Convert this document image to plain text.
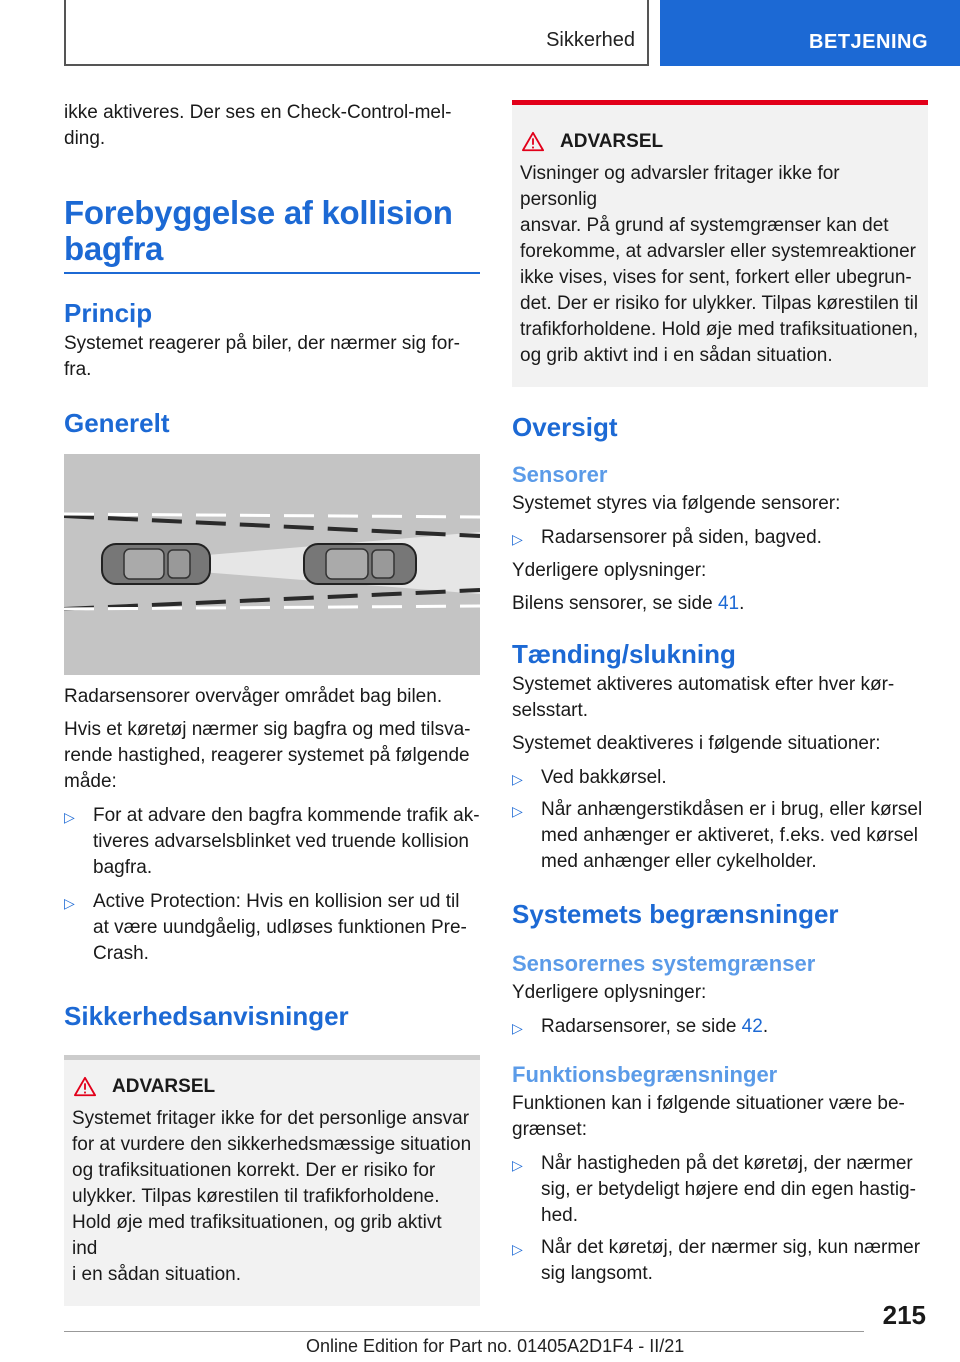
Sikkerhed	BETJENING

ikke aktiveres. Der ses en Check-Control-mel-
ding.

Forebyggelse af kollision
bagfra
Princip

Systemet reagerer på biler, der nærmer sig for-
fra.

Generelt

Radarsensorer overvåger området bag bilen.

Hvis et køretøj nærmer sig bagfra og med tilsva-
rende hastighed, reagerer systemet på følgende
måde:

▷ For at advare den bagfra kommende trafik ak-
tiveres advarselsblinket ved truende kollision
bagfra.
▷ Active Protection: Hvis en kollision ser ud til
at være uundgåelig, udløses funktionen Pre-
Crash.
Sikkerhedsanvisninger
ADVARSEL

Systemet fritager ikke for det personlige ansvar
for at vurdere den sikkerhedsmæssige situation
og trafiksituationen korrekt. Der er risiko for
ulykker. Tilpas kørestilen til trafikforholdene.
Hold øje med trafiksituationen, og grib aktivt ind
i en sådan situation.

ADVARSEL

Visninger og advarsler fritager ikke for personlig
ansvar. På grund af systemgrænser kan det
forekomme, at advarsler eller systemreaktioner
ikke vises, vises for sent, forkert eller ubegrun-
det. Der er risiko for ulykker. Tilpas kørestilen til
trafikforholdene. Hold øje med trafiksituationen,
og grib aktivt ind i en sådan situation.

Oversigt
Sensorer

Systemet styres via følgende sensorer:

▷ Radarsensorer på siden, bagved.

Yderligere oplysninger:

Bilens sensorer, se side 41.

Tænding/slukning

Systemet aktiveres automatisk efter hver kør-
selsstart.

Systemet deaktiveres i følgende situationer:

▷ Ved bakkørsel.
▷ Når anhængerstikdåsen er i brug, eller kørsel
med anhænger er aktiveret, f.eks. ved kørsel
med anhænger eller cykelholder.
Systemets begrænsninger
Sensorernes systemgrænser

Yderligere oplysninger:

▷ Radarsensorer, se side 42.
Funktionsbegrænsninger

Funktionen kan i følgende situationer være be-
grænset:

▷ Når hastigheden på det køretøj, der nærmer
sig, er betydeligt højere end din egen hastig-
hed.
▷ Når det køretøj, der nærmer sig, kun nærmer
sig langsomt.
215
Online Edition for Part no. 01405A2D1F4 - II/21
